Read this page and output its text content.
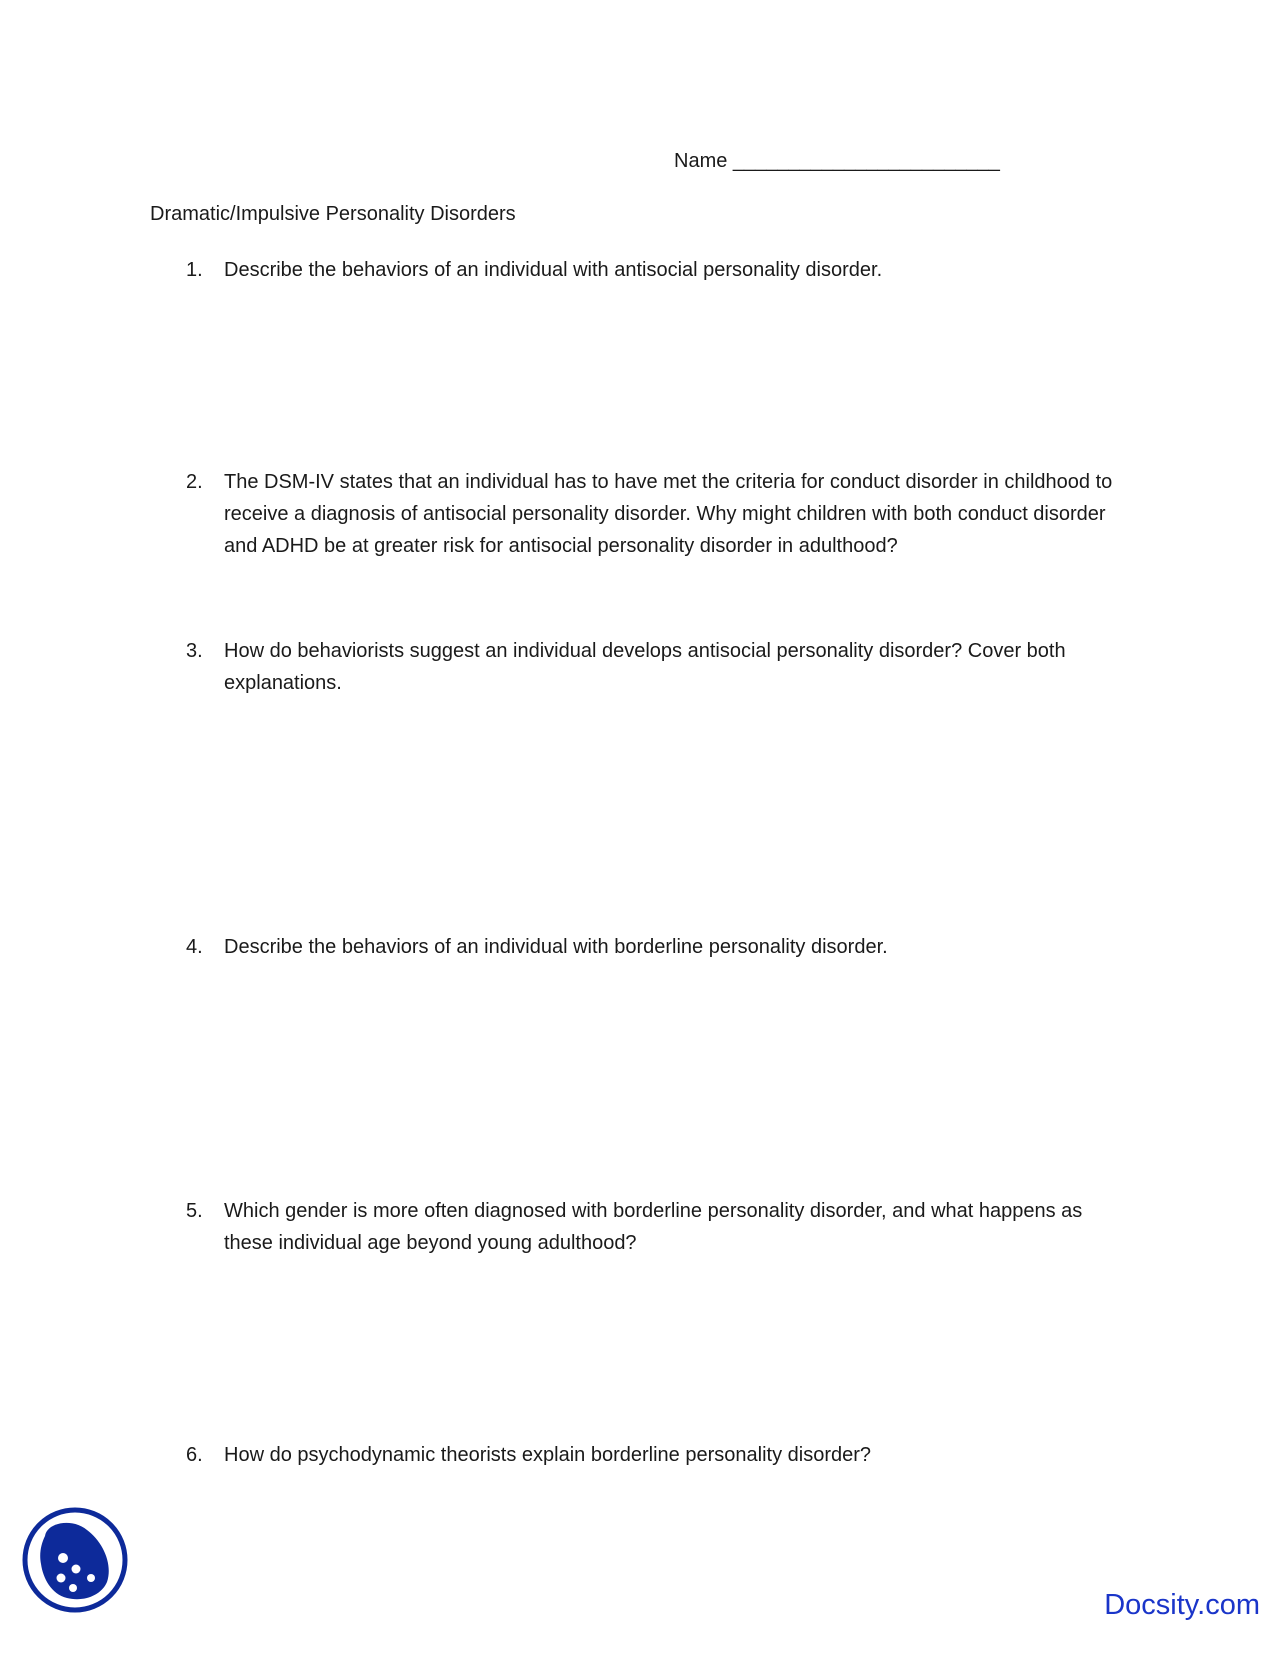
Name ________________________
Dramatic/Impulsive Personality Disorders
1.	Describe the behaviors of an individual with antisocial personality disorder.
2.	The DSM-IV states that an individual has to have met the criteria for conduct disorder in childhood to receive a diagnosis of antisocial personality disorder. Why might children with both conduct disorder and ADHD be at greater risk for antisocial personality disorder in adulthood?
3.	How do behaviorists suggest an individual develops antisocial personality disorder? Cover both explanations.
4.	Describe the behaviors of an individual with borderline personality disorder.
5.	Which gender is more often diagnosed with borderline personality disorder, and what happens as these individual age beyond young adulthood?
6.	How do psychodynamic theorists explain borderline personality disorder?
Docsity.com
